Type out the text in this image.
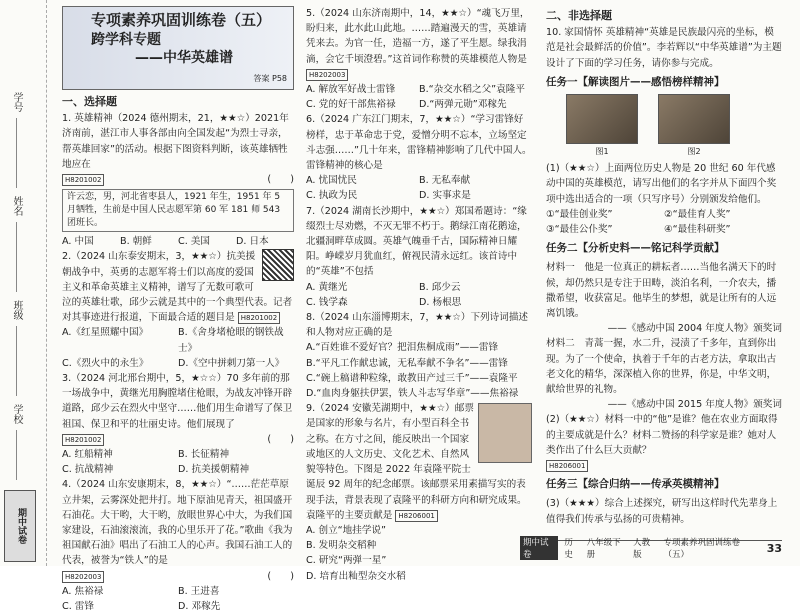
学号
姓名
班级
学校
期中试卷
专项素养巩固训练卷（五）
跨学科专题
——中华英雄谱
答案 P58
一、选择题
1. 英雄精神（2024 德州期末，21，★★☆）2021年济南前，湛江市人事各部由向全国发起“为烈士寻亲，帮英雄回家”的活动。根据下图资料判断，该英雄牺牲地应在
H8201002	(　　)
许云恋，男，河北省枣县人，1921 年生，1951 年 5 月牺牲，生前是中国人民志愿军第 60 军 181 师 543 团班长。
A. 中国	B. 朝鲜	C. 美国	D. 日本
2.（2024 山东泰安期末，3，★★☆）抗美援朝战争中，英勇的志愿军将士们以高度的爱国主义和革命英雄主义精神，谱写了无数可歌可泣的英雄壮歌，邱少云就是其中的一个典型代表。记者对其事迹进行报道，下面最合适的题目是 H8201002
A.《红星照耀中国》	B.《舍身堵枪眼的钢铁战士》
C.《烈火中的永生》	D.《空中拼刺刀第一人》
3.（2024 河北邢台期中，5，★☆☆）70 多年前的那一场战争中，黄继光用胸膛堵住枪眼，为战友冲锋开辟道路，邱少云在烈火中坚守……他们用生命谱写了保卫祖国、保卫和平的壮丽史诗。他们展现了
H8201002	(　　)
A. 红船精神	B. 长征精神
C. 抗战精神	D. 抗美援朝精神
4.（2024 山东安康期末，8，★★☆）“……茫茫草原立井架，云雾深处把井打。地下原油见青天，祖国盛开石油花。大干哟，大干哟，放眼世界心中大，为我们国家建设，石油滚滚流，我的心里乐开了花。”歌曲《我为祖国献石油》唱出了石油工人的心声。我国石油工人的代表，被誉为“铁人”的是
H8202003	(　　)
A. 焦裕禄	B. 王进喜
C. 雷锋	D. 邓稼先
5.（2024 山东济南期中，14，★★☆）“魂飞万里，盼归来，此水此山此地。……踏遍漫天的雪，英雄请凭来去。为官一任，造福一方，遂了平生愿。绿我涓滴，会它千顷澄碧。”这首词作称赞的英雄模范人物是 H8202003
A. 解放军好战士雷锋	B.“杂交水稻之父”袁隆平
C. 党的好干部焦裕禄	D.“两弹元勋”邓稼先
6.（2024 广东江门期末，7，★★☆）“学习雷锋好榜样，忠于革命忠于党，爱憎分明不忘本，立场坚定斗志强……”几十年来，雷锋精神影响了几代中国人。雷锋精神的核心是
A. 忧国忧民	B. 无私奉献
C. 执政为民	D. 实事求是
7.（2024 湖南长沙期中，★★☆）郑国希题诗：“缘缀烈士尽劝燃，不灭无罪不朽于。鹅绿江南花鹅途，北疆洞畔草成圆。英雄气魄垂千古，国际精神日耀阳。峥嵘岁月犹血红，俯视民清永远红。该首诗中的“英雄”不包括
A. 黄继光	B. 邱少云
C. 钱学森	D. 杨根思
8.（2024 山东淄博期末，7，★★☆）下列诗词描述和人物对应正确的是
A.“百姓谁不爱好官？把泪焦桐成雨”——雷锋
B.“平凡工作献忠诚，无私奉献不争名”——雷锋
C.“碗上稿谱种粒缘，敢教田产过三千”——袁隆平
D.“血肉身躯扶伊罢，铁人斗志写华章”——焦裕禄
9.（2024 安徽芜湖期中，★★☆）邮票是国家的形象与名片，有小型百科全书之称。在方寸之间，能反映出一个国家或地区的人文历史、文化艺术、自然风貌等特色。下图是 2022 年袁隆平院士诞辰 92 周年的纪念邮票。该邮票采用素描写实的表现手法，背景表现了袁隆平的科研方向和研究成果。袁隆平的主要贡献是 H8206001
A. 创立“地挂学说”
B. 发明杂交稻种
C. 研究“两弹一星”
D. 培育出籼型杂交水稻
二、非选择题
10. 家国情怀 英雄精神“英雄是民族最闪亮的坐标，模范是社会最鲜活的价值”。李若辉以“中华英雄谱”为主题设计了下面的学习任务，请你参与完成。
任务一【解读图片——感悟榜样精神】
图1	图2
(1)（★★☆）上面两位历史人物是 20 世纪 60 年代感动中国的英雄模范，请写出他们的名字并从下面四个奖项中选出适合的一项（只写序号）分别颁发给他们。
①“最佳创业奖”	②“最佳育人奖”
③“最佳公仆奖”	④“最佳科研奖”
任务二【分析史料——铭记科学贡献】
材料一　他是一位真正的耕耘者……当他名满天下的时候，却仍然只是专注于田畴，淡泊名利，一介农夫，播撒希望，收获富足。他毕生的梦想，就是让所有的人远离饥饿。
——《感动中国 2004 年度人物》颁奖词
材料二　青蒿一握，水二升，浸渍了千多年，直到你出现。为了一个使命，执着于千年的古老方法，拿取出古老文化的精华，深深植入你的世界，你是，中华文明，献给世界的礼物。
——《感动中国 2015 年度人物》颁奖词
(2)（★★☆）材料一中的“他”是谁？他在农业方面取得的主要成就是什么？材料二赞扬的科学家是谁？她对人类作出了什么巨大贡献？
H8206001
任务三【综合归纳——传承英模精神】
(3)（★★★）综合上述探究，研写出这样时代先辈身上值得我们传承与弘扬的可贵精神。
期中试卷
历史
八年级下册
人教版
专项素养巩固训练卷（五）
33
